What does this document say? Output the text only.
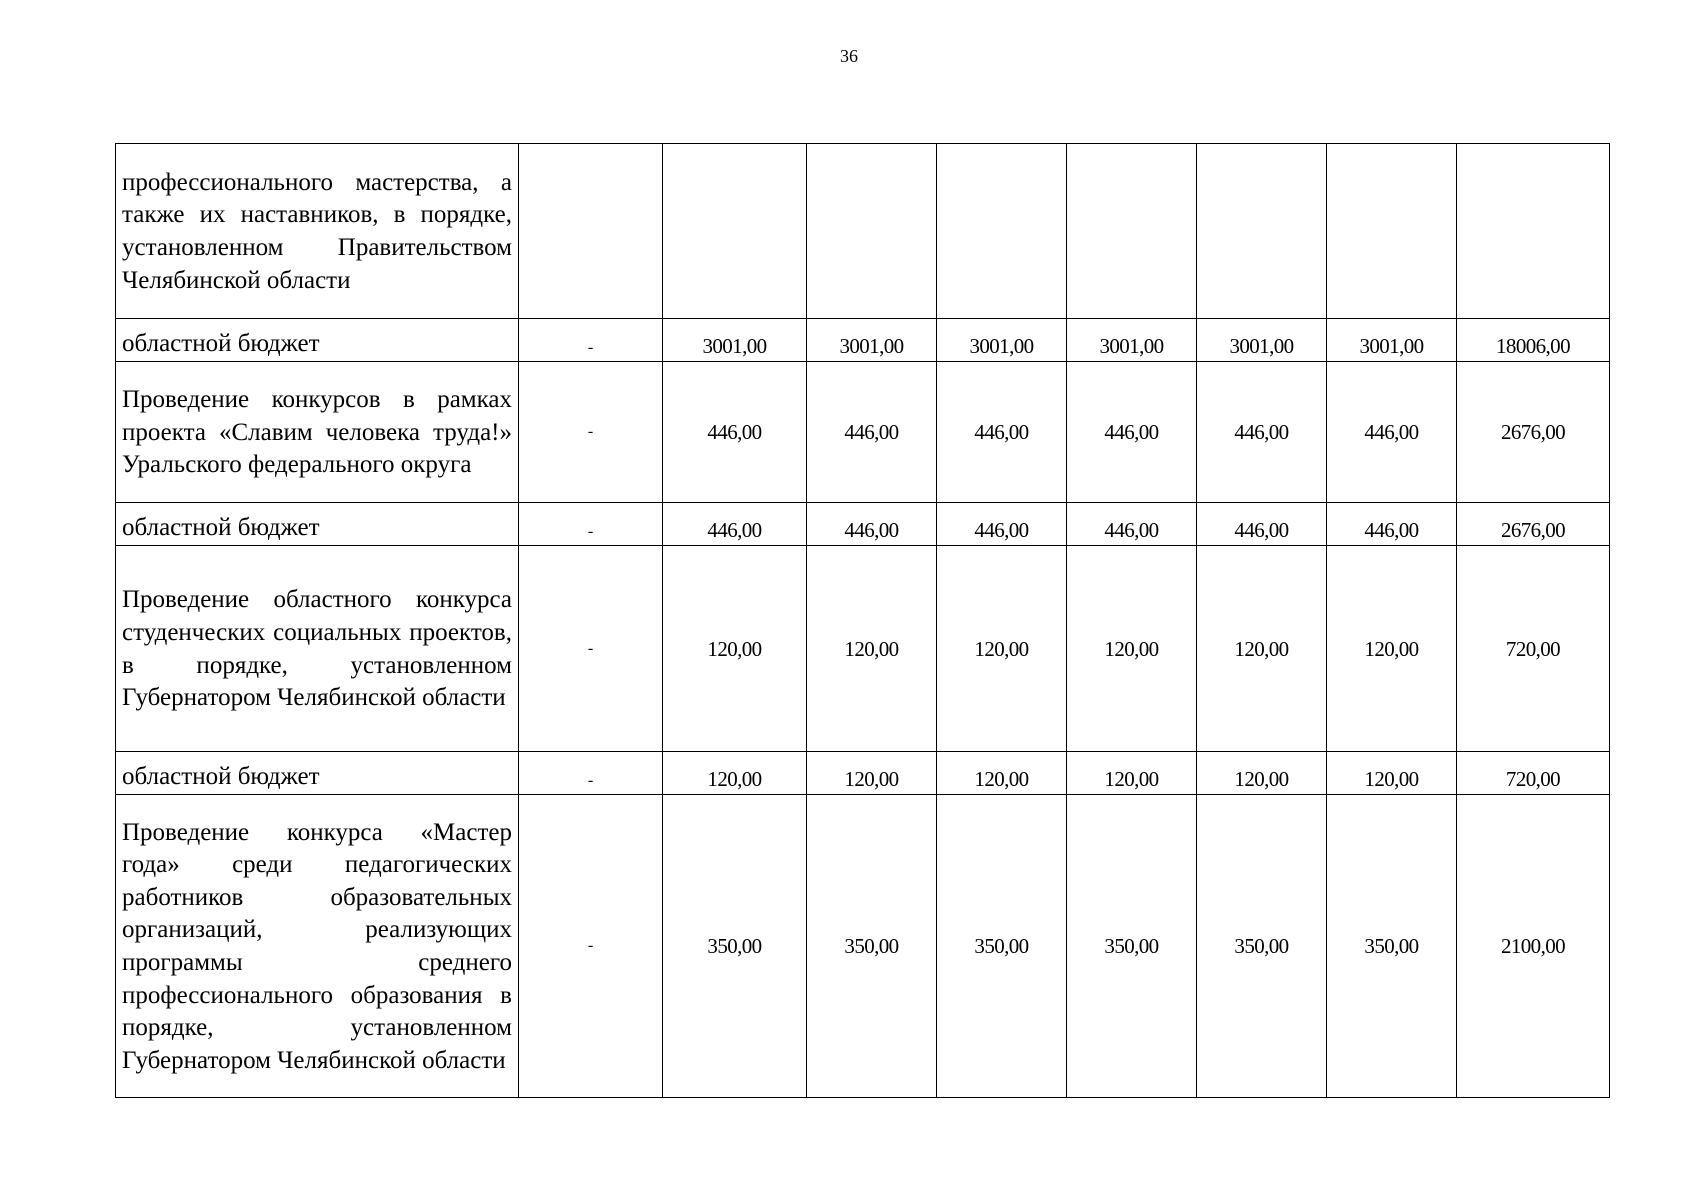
36
профессионального мастерства, а также их наставников, в порядке, установленном Правительством Челябинской области								
областной бюджет	-	3001,00	3001,00	3001,00	3001,00	3001,00	3001,00	18006,00
Проведение конкурсов в рамках проекта «Славим человека труда!» Уральского федерального округа	-	446,00	446,00	446,00	446,00	446,00	446,00	2676,00
областной бюджет	-	446,00	446,00	446,00	446,00	446,00	446,00	2676,00
Проведение областного конкурса студенческих социальных проектов, в порядке, установленном Губернатором Челябинской области	-	120,00	120,00	120,00	120,00	120,00	120,00	720,00
областной бюджет	-	120,00	120,00	120,00	120,00	120,00	120,00	720,00
Проведение конкурса «Мастер года» среди педагогических работников образовательных организаций, реализующих программы среднего профессионального образования в порядке, установленном Губернатором Челябинской области	-	350,00	350,00	350,00	350,00	350,00	350,00	2100,00
